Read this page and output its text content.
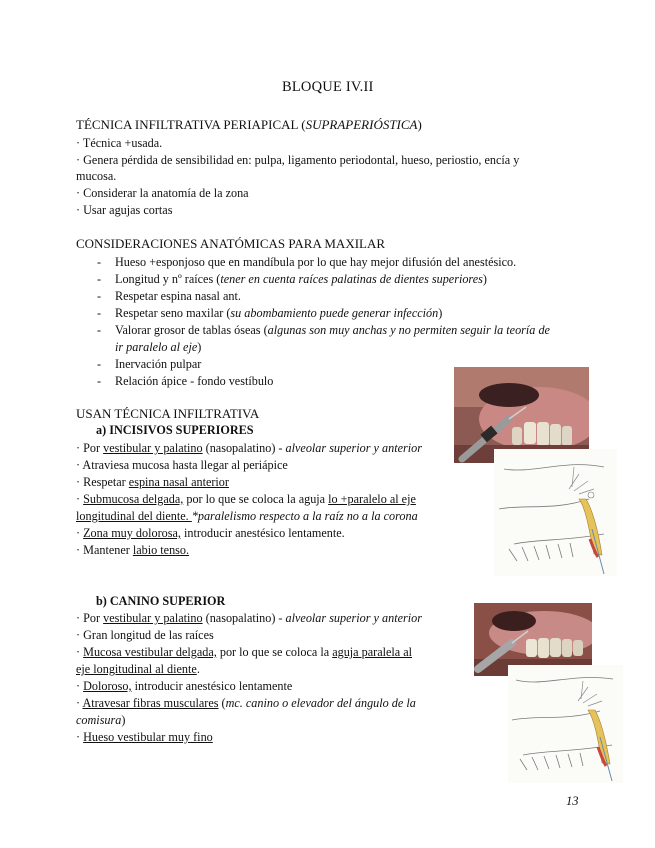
BLOQUE IV.II
TÉCNICA INFILTRATIVA PERIAPICAL (SUPRAPERIÓSTICA)
· Técnica +usada.
· Genera pérdida de sensibilidad en: pulpa, ligamento periodontal, hueso, periostio, encía y
mucosa.
· Considerar la anatomía de la zona
· Usar agujas cortas
CONSIDERACIONES ANATÓMICAS PARA MAXILAR
- Hueso +esponjoso que en mandíbula por lo que hay mejor difusión del anestésico.
- Longitud y nº raíces (tener en cuenta raíces palatinas de dientes superiores)
- Respetar espina nasal ant.
- Respetar seno maxilar (su abombamiento puede generar infección)
- Valorar grosor de tablas óseas (algunas son muy anchas y no permiten seguir la teoría de
ir paralelo al eje)
- Inervación pulpar
- Relación ápice - fondo vestíbulo
USAN TÉCNICA INFILTRATIVA
a) INCISIVOS SUPERIORES
· Por vestibular y palatino (nasopalatino) - alveolar superior y anterior
· Atraviesa mucosa hasta llegar al periápice
· Respetar espina nasal anterior
· Submucosa delgada, por lo que se coloca la aguja lo +paralelo al eje
longitudinal del diente. *paralelismo respecto a la raíz no a la corona
· Zona muy dolorosa, introducir anestésico lentamente.
· Mantener labio tenso.
b) CANINO SUPERIOR
· Por vestibular y palatino (nasopalatino) - alveolar superior y anterior
· Gran longitud de las raíces
· Mucosa vestibular delgada, por lo que se coloca la aguja paralela al
eje longitudinal al diente.
· Doloroso, introducir anestésico lentamente
· Atravesar fibras musculares (mc. canino o elevador del ángulo de la
comisura)
· Hueso vestibular muy fino
13
